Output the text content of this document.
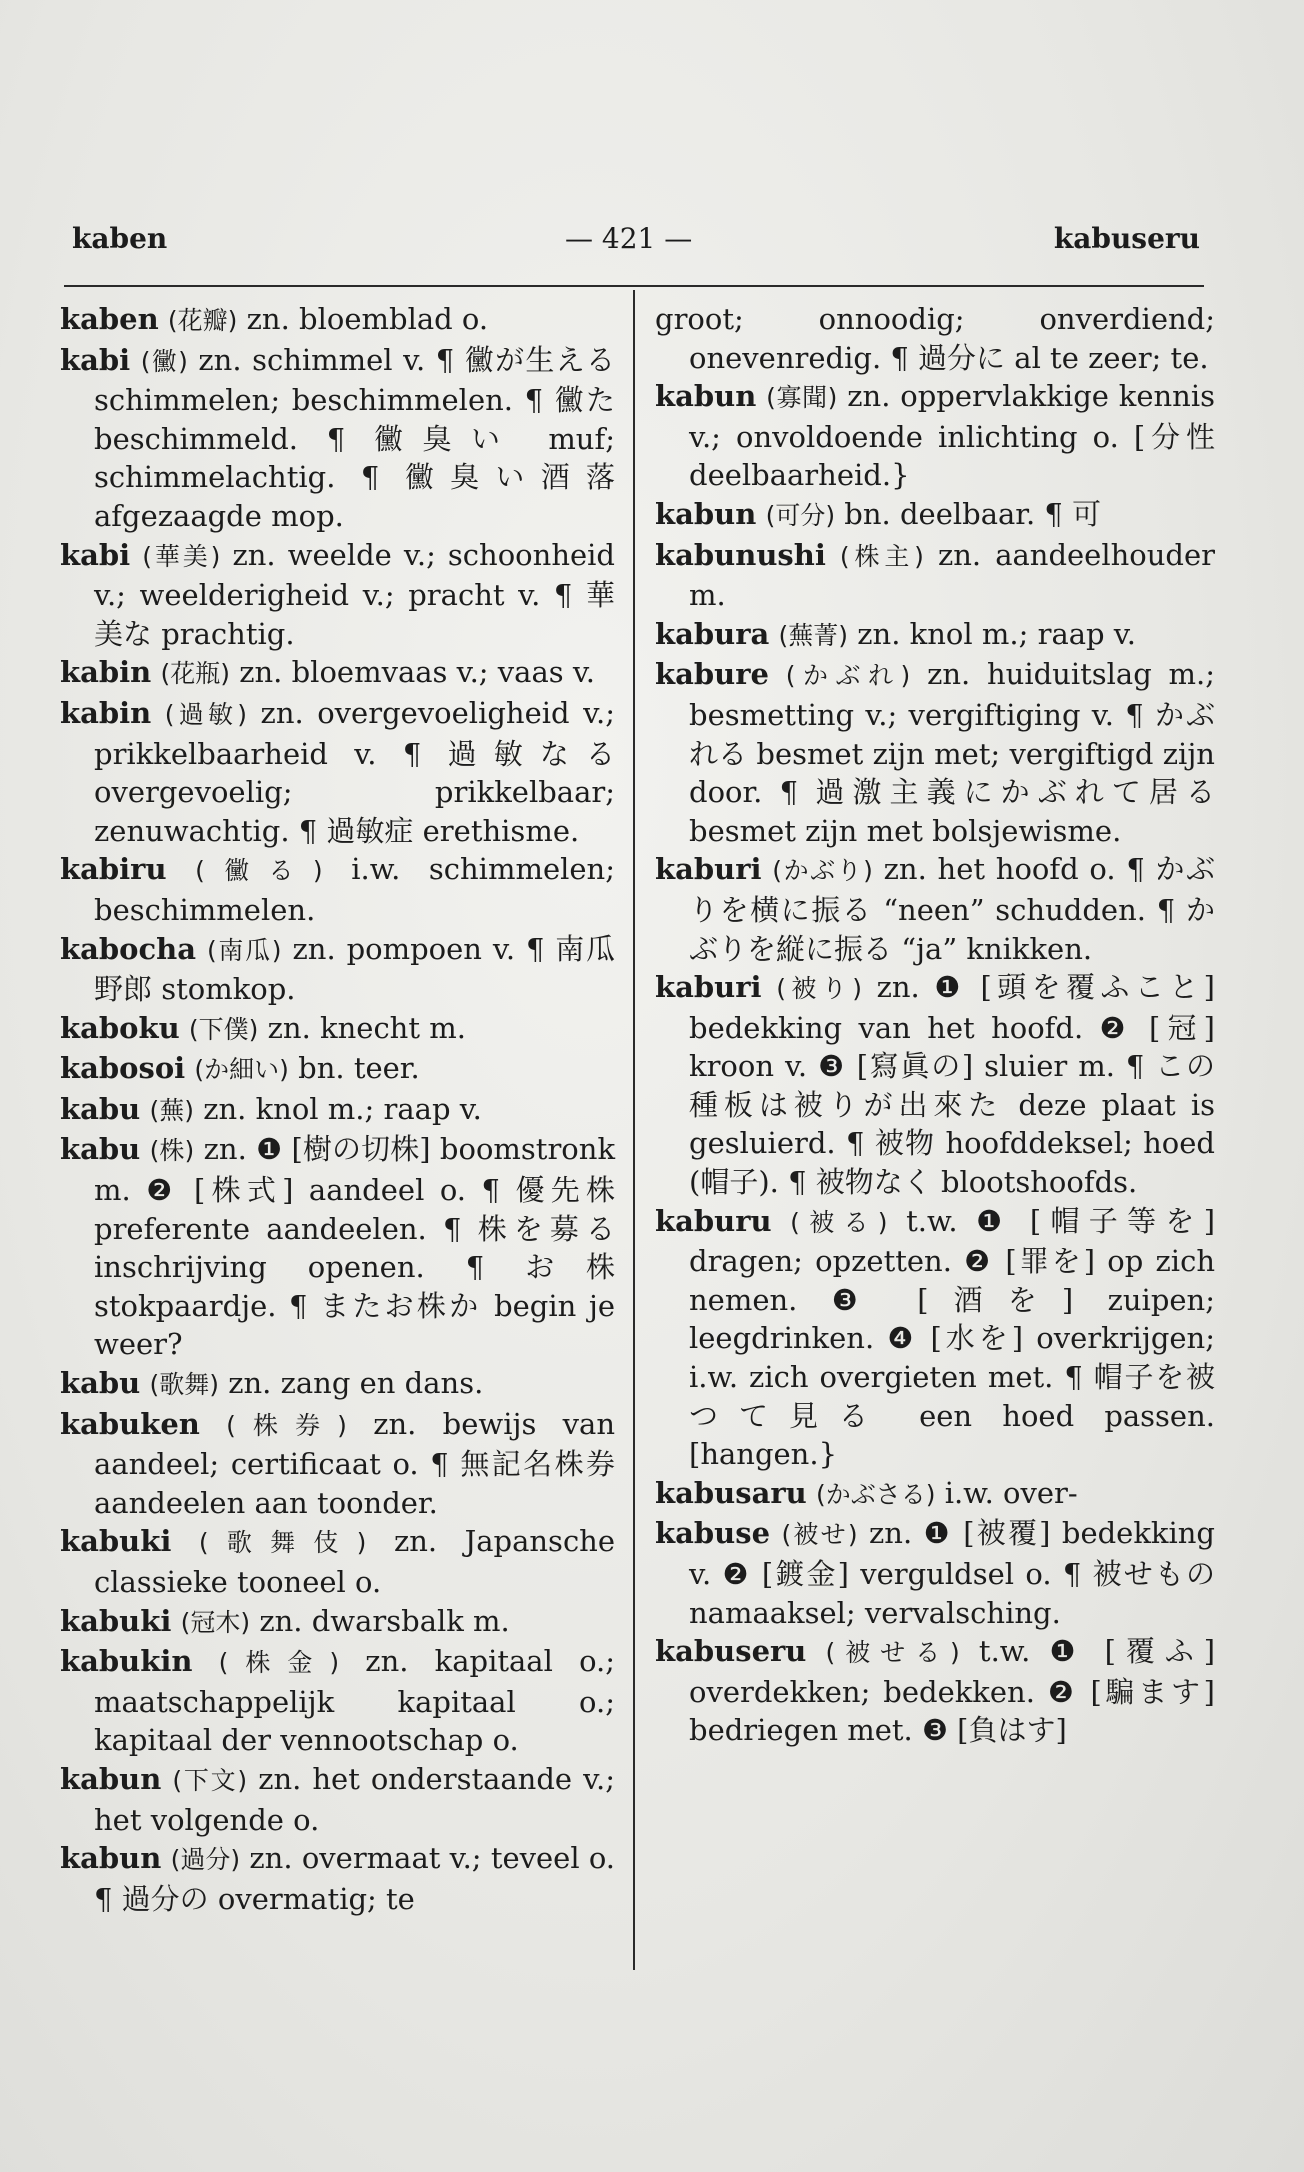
kaben	— 421 —	kabuseru

kaben (花瓣) zn. bloemblad o.

kabi (黴) zn. schimmel v. ¶ 黴が生える schimmelen; beschimmelen. ¶ 黴た beschimmeld. ¶ 黴臭い muf; schimmelachtig. ¶ 黴臭い酒落 afgezaagde mop.

kabi (華美) zn. weelde v.; schoonheid v.; weelderigheid v.; pracht v. ¶ 華美な prachtig.

kabin (花瓶) zn. bloemvaas v.; vaas v.

kabin (過敏) zn. overgevoeligheid v.; prikkelbaarheid v. ¶ 過敏なる overgevoelig; prikkelbaar; zenuwachtig. ¶ 過敏症 erethisme.

kabiru (黴る) i.w. schimmelen; beschimmelen.

kabocha (南瓜) zn. pompoen v. ¶ 南瓜野郎 stomkop.

kaboku (下僕) zn. knecht m.

kabosoi (か細い) bn. teer.

kabu (蕪) zn. knol m.; raap v.

kabu (株) zn. ❶ [樹の切株] boomstronk m. ❷ [株式] aandeel o. ¶ 優先株 preferente aandeelen. ¶ 株を募る inschrijving openen. ¶ お株 stokpaardje. ¶ またお株か begin je weer?

kabu (歌舞) zn. zang en dans.

kabuken (株券) zn. bewijs van aandeel; certificaat o. ¶ 無記名株券 aandeelen aan toonder.

kabuki (歌舞伎) zn. Japansche classieke tooneel o.

kabuki (冠木) zn. dwarsbalk m.

kabukin (株金) zn. kapitaal o.; maatschappelijk kapitaal o.; kapitaal der vennootschap o.

kabun (下文) zn. het onderstaande v.; het volgende o.

kabun (過分) zn. overmaat v.; teveel o. ¶ 過分の overmatig; te

groot; onnoodig; onverdiend; onevenredig. ¶ 過分に al te zeer; te.

kabun (寡聞) zn. oppervlakkige kennis v.; onvoldoende inlichting o. [分性 deelbaarheid.}

kabun (可分) bn. deelbaar. ¶ 可

kabunushi (株主) zn. aandeelhouder m.

kabura (蕪菁) zn. knol m.; raap v.

kabure (かぶれ) zn. huiduitslag m.; besmetting v.; vergiftiging v. ¶ かぶれる besmet zijn met; vergiftigd zijn door. ¶ 過激主義にかぶれて居る besmet zijn met bolsjewisme.

kaburi (かぶり) zn. het hoofd o. ¶ かぶりを横に振る “neen” schudden. ¶ かぶりを縦に振る “ja” knikken.

kaburi (被り) zn. ❶ [頭を覆ふこと] bedekking van het hoofd. ❷ [冠] kroon v. ❸ [寫眞の] sluier m. ¶ この種板は被りが出來た deze plaat is gesluierd. ¶ 被物 hoofddeksel; hoed (帽子). ¶ 被物なく blootshoofds.

kaburu (被る) t.w. ❶ [帽子等を] dragen; opzetten. ❷ [罪を] op zich nemen. ❸ [酒を] zuipen; leegdrinken. ❹ [水を] overkrijgen; i.w. zich overgieten met. ¶ 帽子を被つて見る een hoed passen. [hangen.}

kabusaru (かぶさる) i.w. over-

kabuse (被せ) zn. ❶ [被覆] bedekking v. ❷ [鍍金] verguldsel o. ¶ 被せもの namaaksel; vervalsching.

kabuseru (被せる) t.w. ❶ [覆ふ] overdekken; bedekken. ❷ [騙ます] bedriegen met. ❸ [負はす]
